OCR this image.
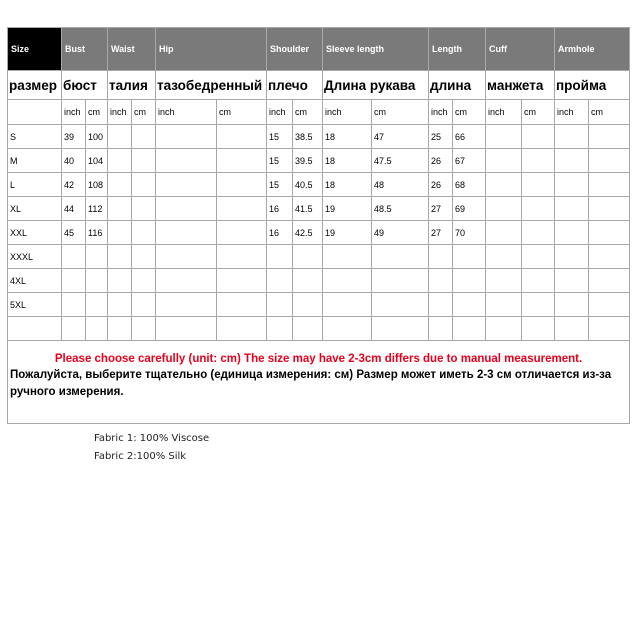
Size	Bust		Waist		Hip		Shoulder		Sleeve length		Length		Cuff		Armhole	
размер	бюст		талия		тазобедренный		плечо		Длина рукава		длина		манжета		пройма	
	inch	cm	inch	cm	inch	cm	inch	cm	inch	cm	inch	cm	inch	cm	inch	cm
S	39	100					15	38.5	18	47	25	66				
M	40	104					15	39.5	18	47.5	26	67				
L	42	108					15	40.5	18	48	26	68				
XL	44	112					16	41.5	19	48.5	27	69				
XXL	45	116					16	42.5	19	49	27	70				
XXXL																
4XL																
5XL																

Please choose carefully (unit: cm) The size may have 2-3cm differs due to manual measurement.
Пожалуйста, выберите тщательно (единица измерения: см) Размер может иметь 2-3 см отличается из-за ручного измерения.																
Fabric 1: 100% Viscose
Fabric 2:100% Silk
